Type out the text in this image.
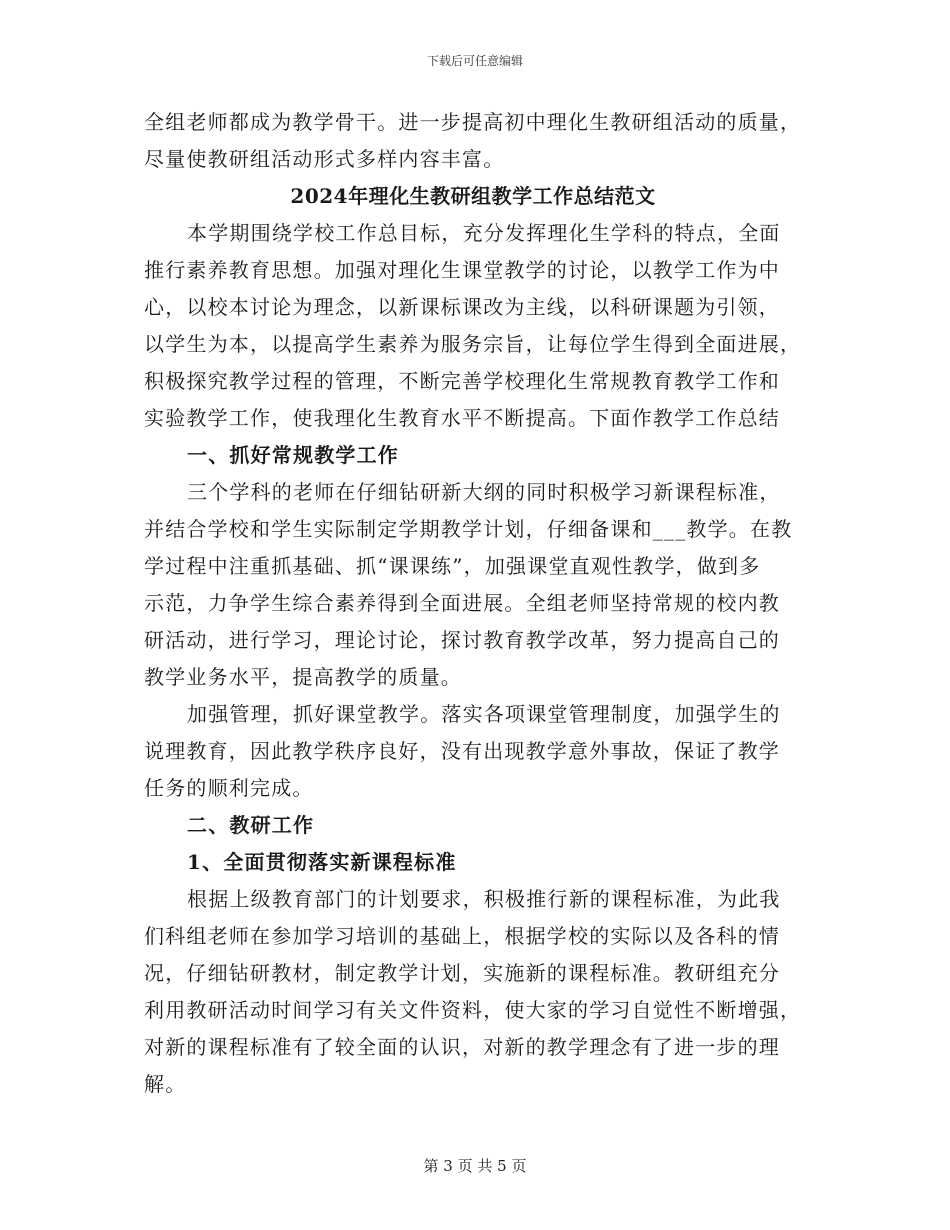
下载后可任意编辑
全组老师都成为教学骨干。进一步提高初中理化生教研组活动的质量，
尽量使教研组活动形式多样内容丰富。
2024年理化生教研组教学工作总结范文
本学期围绕学校工作总目标，充分发挥理化生学科的特点，全面
推行素养教育思想。加强对理化生课堂教学的讨论，以教学工作为中
心，以校本讨论为理念，以新课标课改为主线，以科研课题为引领，
以学生为本，以提高学生素养为服务宗旨，让每位学生得到全面进展，
积极探究教学过程的管理，不断完善学校理化生常规教育教学工作和
实验教学工作，使我理化生教育水平不断提高。下面作教学工作总结
一、抓好常规教学工作
三个学科的老师在仔细钻研新大纲的同时积极学习新课程标准，
并结合学校和学生实际制定学期教学计划，仔细备课和___教学。在教
学过程中注重抓基础、抓“课课练”，加强课堂直观性教学，做到多
示范，力争学生综合素养得到全面进展。全组老师坚持常规的校内教
研活动，进行学习，理论讨论，探讨教育教学改革，努力提高自己的
教学业务水平，提高教学的质量。
加强管理，抓好课堂教学。落实各项课堂管理制度，加强学生的
说理教育，因此教学秩序良好，没有出现教学意外事故，保证了教学
任务的顺利完成。
二、教研工作
1、全面贯彻落实新课程标准
根据上级教育部门的计划要求，积极推行新的课程标准，为此我
们科组老师在参加学习培训的基础上，根据学校的实际以及各科的情
况，仔细钻研教材，制定教学计划，实施新的课程标准。教研组充分
利用教研活动时间学习有关文件资料，使大家的学习自觉性不断增强，
对新的课程标准有了较全面的认识，对新的教学理念有了进一步的理
解。
第 3 页 共 5 页
